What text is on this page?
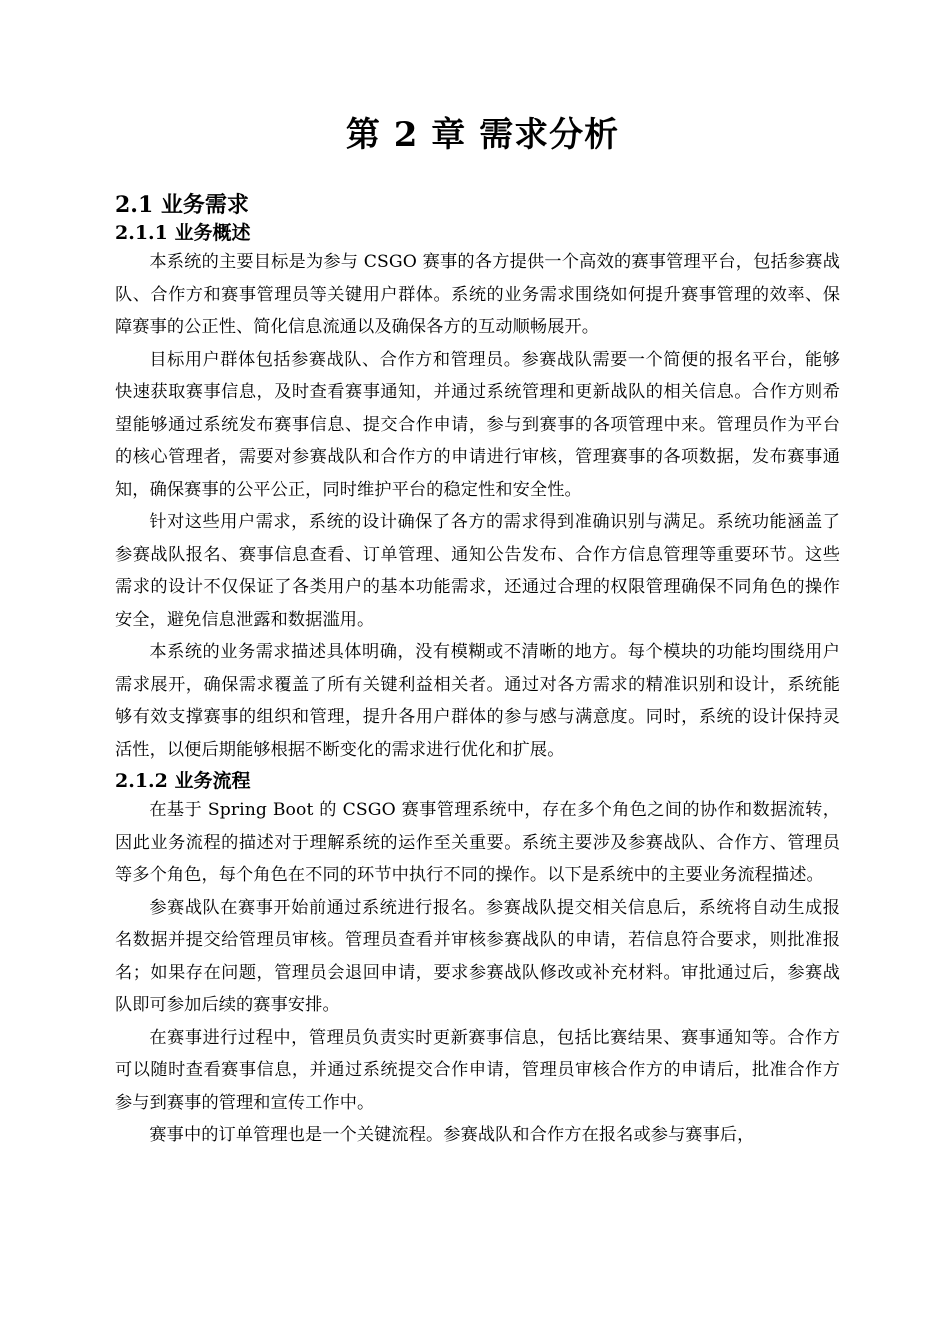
第 2 章 需求分析
2.1 业务需求
2.1.1 业务概述

本系统的主要目标是为参与 CSGO 赛事的各方提供一个高效的赛事管理平台，包括参赛战队、合作方和赛事管理员等关键用户群体。系统的业务需求围绕如何提升赛事管理的效率、保障赛事的公正性、简化信息流通以及确保各方的互动顺畅展开。

目标用户群体包括参赛战队、合作方和管理员。参赛战队需要一个简便的报名平台，能够快速获取赛事信息，及时查看赛事通知，并通过系统管理和更新战队的相关信息。合作方则希望能够通过系统发布赛事信息、提交合作申请，参与到赛事的各项管理中来。管理员作为平台的核心管理者，需要对参赛战队和合作方的申请进行审核，管理赛事的各项数据，发布赛事通知，确保赛事的公平公正，同时维护平台的稳定性和安全性。

针对这些用户需求，系统的设计确保了各方的需求得到准确识别与满足。系统功能涵盖了参赛战队报名、赛事信息查看、订单管理、通知公告发布、合作方信息管理等重要环节。这些需求的设计不仅保证了各类用户的基本功能需求，还通过合理的权限管理确保不同角色的操作安全，避免信息泄露和数据滥用。

本系统的业务需求描述具体明确，没有模糊或不清晰的地方。每个模块的功能均围绕用户需求展开，确保需求覆盖了所有关键利益相关者。通过对各方需求的精准识别和设计，系统能够有效支撑赛事的组织和管理，提升各用户群体的参与感与满意度。同时，系统的设计保持灵活性，以便后期能够根据不断变化的需求进行优化和扩展。

2.1.2 业务流程

在基于 Spring Boot 的 CSGO 赛事管理系统中，存在多个角色之间的协作和数据流转，因此业务流程的描述对于理解系统的运作至关重要。系统主要涉及参赛战队、合作方、管理员等多个角色，每个角色在不同的环节中执行不同的操作。以下是系统中的主要业务流程描述。

参赛战队在赛事开始前通过系统进行报名。参赛战队提交相关信息后，系统将自动生成报名数据并提交给管理员审核。管理员查看并审核参赛战队的申请，若信息符合要求，则批准报名；如果存在问题，管理员会退回申请，要求参赛战队修改或补充材料。审批通过后，参赛战队即可参加后续的赛事安排。

在赛事进行过程中，管理员负责实时更新赛事信息，包括比赛结果、赛事通知等。合作方可以随时查看赛事信息，并通过系统提交合作申请，管理员审核合作方的申请后，批准合作方参与到赛事的管理和宣传工作中。

赛事中的订单管理也是一个关键流程。参赛战队和合作方在报名或参与赛事后，
